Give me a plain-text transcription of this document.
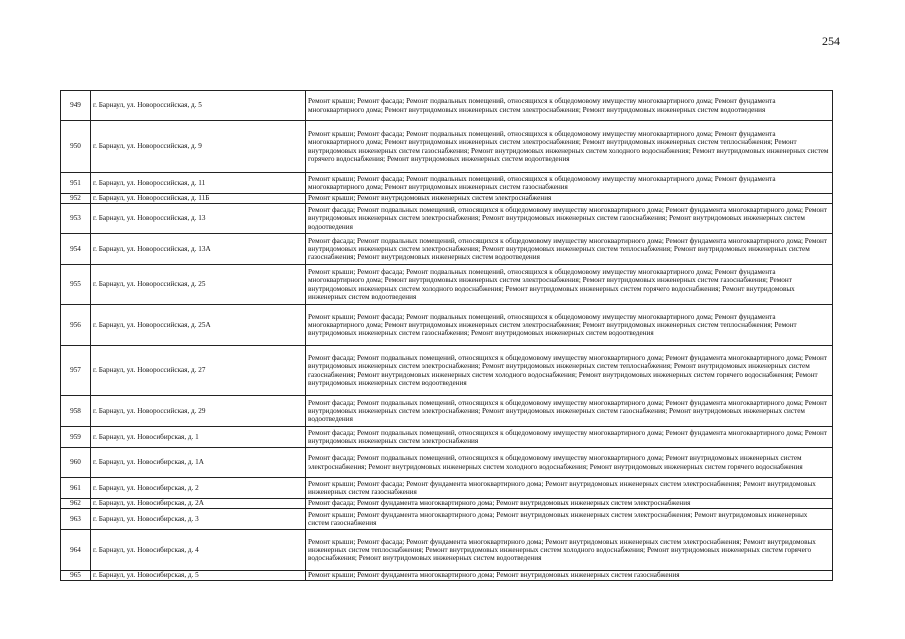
254
949	г. Барнаул, ул. Новороссийская, д. 5	Ремонт крыши; Ремонт фасада; Ремонт подвальных помещений, относящихся к общедомовому имуществу многоквартирного дома; Ремонт фундамента многоквартирного дома; Ремонт внутридомовых инженерных систем электроснабжения; Ремонт внутридомовых инженерных систем водоотведения
950	г. Барнаул, ул. Новороссийская, д. 9	Ремонт крыши; Ремонт фасада; Ремонт подвальных помещений, относящихся к общедомовому имуществу многоквартирного дома; Ремонт фундамента многоквартирного дома; Ремонт внутридомовых инженерных систем электроснабжения; Ремонт внутридомовых инженерных систем теплоснабжения; Ремонт внутридомовых инженерных систем газоснабжения; Ремонт внутридомовых инженерных систем холодного водоснабжения; Ремонт внутридомовых инженерных систем горячего водоснабжения; Ремонт внутридомовых инженерных систем водоотведения
951	г. Барнаул, ул. Новороссийская, д. 11	Ремонт крыши; Ремонт фасада; Ремонт подвальных помещений, относящихся к общедомовому имуществу многоквартирного дома; Ремонт фундамента многоквартирного дома; Ремонт внутридомовых инженерных систем газоснабжения
952	г. Барнаул, ул. Новороссийская, д. 11Б	Ремонт крыши; Ремонт внутридомовых инженерных систем электроснабжения
953	г. Барнаул, ул. Новороссийская, д. 13	Ремонт фасада; Ремонт подвальных помещений, относящихся к общедомовому имуществу многоквартирного дома; Ремонт фундамента многоквартирного дома; Ремонт внутридомовых инженерных систем электроснабжения; Ремонт внутридомовых инженерных систем газоснабжения; Ремонт внутридомовых инженерных систем водоотведения
954	г. Барнаул, ул. Новороссийская, д. 13А	Ремонт фасада; Ремонт подвальных помещений, относящихся к общедомовому имуществу многоквартирного дома; Ремонт фундамента многоквартирного дома; Ремонт внутридомовых инженерных систем электроснабжения; Ремонт внутридомовых инженерных систем теплоснабжения; Ремонт внутридомовых инженерных систем газоснабжения; Ремонт внутридомовых инженерных систем водоотведения
955	г. Барнаул, ул. Новороссийская, д. 25	Ремонт крыши; Ремонт фасада; Ремонт подвальных помещений, относящихся к общедомовому имуществу многоквартирного дома; Ремонт фундамента многоквартирного дома; Ремонт внутридомовых инженерных систем электроснабжения; Ремонт внутридомовых инженерных систем газоснабжения; Ремонт внутридомовых инженерных систем холодного водоснабжения; Ремонт внутридомовых инженерных систем горячего водоснабжения; Ремонт внутридомовых инженерных систем водоотведения
956	г. Барнаул, ул. Новороссийская, д. 25А	Ремонт крыши; Ремонт фасада; Ремонт подвальных помещений, относящихся к общедомовому имуществу многоквартирного дома; Ремонт фундамента многоквартирного дома; Ремонт внутридомовых инженерных систем электроснабжения; Ремонт внутридомовых инженерных систем теплоснабжения; Ремонт внутридомовых инженерных систем газоснабжения; Ремонт внутридомовых инженерных систем водоотведения
957	г. Барнаул, ул. Новороссийская, д. 27	Ремонт фасада; Ремонт подвальных помещений, относящихся к общедомовому имуществу многоквартирного дома; Ремонт фундамента многоквартирного дома; Ремонт внутридомовых инженерных систем электроснабжения; Ремонт внутридомовых инженерных систем теплоснабжения; Ремонт внутридомовых инженерных систем газоснабжения; Ремонт внутридомовых инженерных систем холодного водоснабжения; Ремонт внутридомовых инженерных систем горячего водоснабжения; Ремонт внутридомовых инженерных систем водоотведения
958	г. Барнаул, ул. Новороссийская, д. 29	Ремонт фасада; Ремонт подвальных помещений, относящихся к общедомовому имуществу многоквартирного дома; Ремонт фундамента многоквартирного дома; Ремонт внутридомовых инженерных систем электроснабжения; Ремонт внутридомовых инженерных систем газоснабжения; Ремонт внутридомовых инженерных систем водоотведения
959	г. Барнаул, ул. Новосибирская, д. 1	Ремонт фасада; Ремонт подвальных помещений, относящихся к общедомовому имуществу многоквартирного дома; Ремонт фундамента многоквартирного дома; Ремонт внутридомовых инженерных систем электроснабжения
960	г. Барнаул, ул. Новосибирская, д. 1А	Ремонт фасада; Ремонт подвальных помещений, относящихся к общедомовому имуществу многоквартирного дома; Ремонт внутридомовых инженерных систем электроснабжения; Ремонт внутридомовых инженерных систем холодного водоснабжения; Ремонт внутридомовых инженерных систем горячего водоснабжения
961	г. Барнаул, ул. Новосибирская, д. 2	Ремонт крыши; Ремонт фасада; Ремонт фундамента многоквартирного дома; Ремонт внутридомовых инженерных систем электроснабжения; Ремонт внутридомовых инженерных систем газоснабжения
962	г. Барнаул, ул. Новосибирская, д. 2А	Ремонт фасада; Ремонт фундамента многоквартирного дома; Ремонт внутридомовых инженерных систем электроснабжения
963	г. Барнаул, ул. Новосибирская, д. 3	Ремонт крыши; Ремонт фундамента многоквартирного дома; Ремонт внутридомовых инженерных систем электроснабжения; Ремонт внутридомовых инженерных систем газоснабжения
964	г. Барнаул, ул. Новосибирская, д. 4	Ремонт крыши; Ремонт фасада; Ремонт фундамента многоквартирного дома; Ремонт внутридомовых инженерных систем электроснабжения; Ремонт внутридомовых инженерных систем теплоснабжения; Ремонт внутридомовых инженерных систем холодного водоснабжения; Ремонт внутридомовых инженерных систем горячего водоснабжения; Ремонт внутридомовых инженерных систем водоотведения
965	г. Барнаул, ул. Новосибирская, д. 5	Ремонт крыши; Ремонт фундамента многоквартирного дома; Ремонт внутридомовых инженерных систем газоснабжения
